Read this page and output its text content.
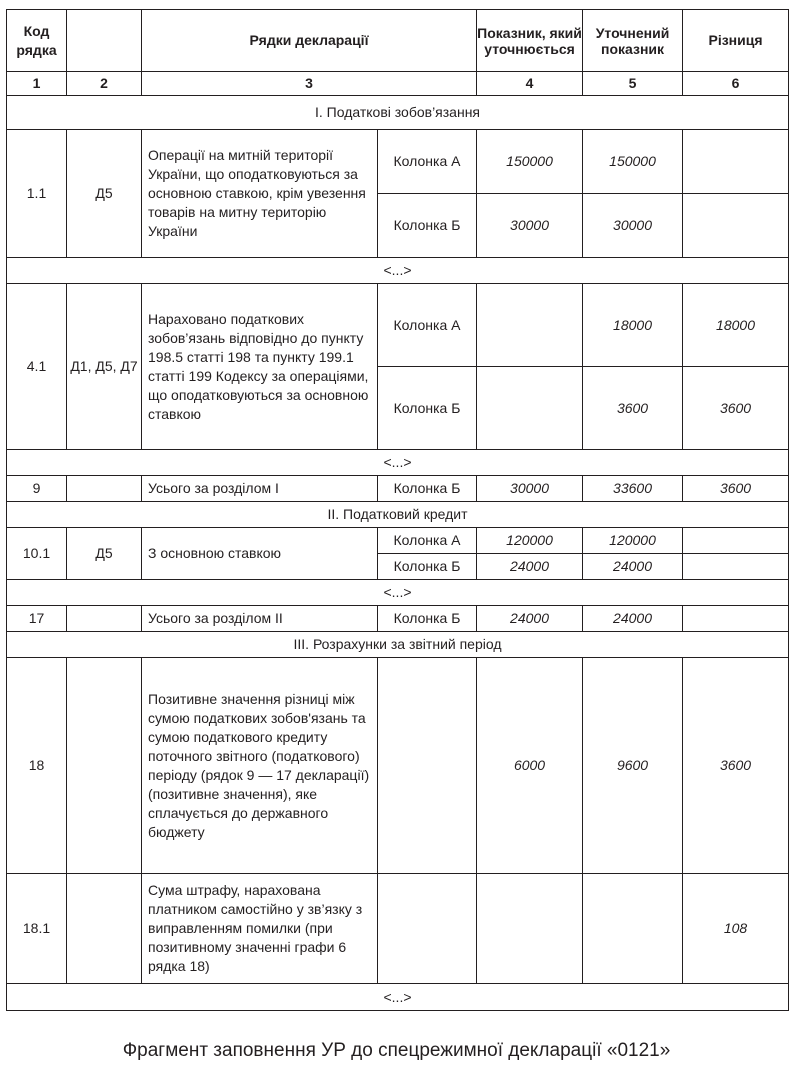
Код рядка		Рядки декларації		Показник, який уточнюється	Уточнений показник	Різниця
1	2	3		4	5	6
I. Податкові зобов’язання						
1.1	Д5	Операції на митній території України, що оподатковуються за основною ставкою, крім увезення товарів на митну територію України	Колонка А	150000	150000	
			Колонка Б	30000	30000	
<...>						
4.1	Д1, Д5, Д7	Нараховано податкових зобов’язань відповідно до пункту 198.5 статті 198 та пункту 199.1 статті 199 Кодексу за операціями, що оподатковуються за основною ставкою	Колонка А		18000	18000
			Колонка Б		3600	3600
<...>						
9		Усього за розділом І	Колонка Б	30000	33600	3600
II. Податковий кредит						
10.1	Д5	З основною ставкою	Колонка А	120000	120000	
			Колонка Б	24000	24000	
<...>						
17		Усього за розділом ІІ	Колонка Б	24000	24000	
III. Розрахунки за звітний період						
18		Позитивне значення різниці між сумою податкових зобов'язань та сумою податкового кредиту поточного звітного (податкового) періоду (рядок 9 — 17 декларації) (позитивне значення), яке сплачується до державного бюджету		6000	9600	3600
18.1		Сума штрафу, нарахована платником самостійно у зв’язку з виправленням помилки (при позитивному значенні графи 6 рядка 18)				108
<...>						
Фрагмент заповнення УР до спецрежимної декларації «0121»
